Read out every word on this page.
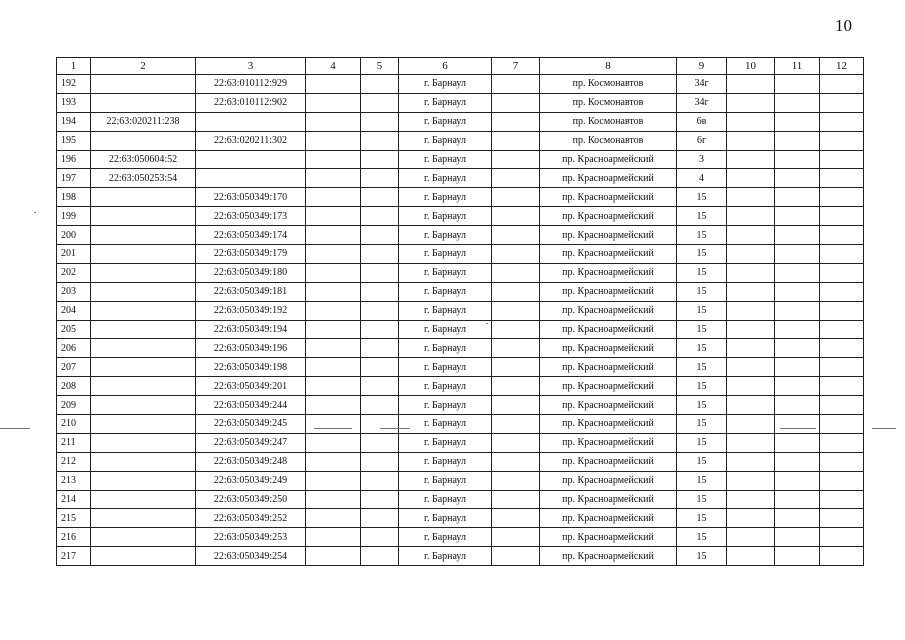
10
1	2	3	4	5	6	7	8	9	10	11	12
192		22:63:010112:929			г. Барнаул		пр. Космонавтов	34г			
193		22:63:010112:902			г. Барнаул		пр. Космонавтов	34г			
194	22:63:020211:238				г. Барнаул		пр. Космонавтов	6в			
195		22:63:020211:302			г. Барнаул		пр. Космонавтов	6г			
196	22:63:050604:52				г. Барнаул		пр. Красноармейский	3			
197	22:63:050253:54				г. Барнаул		пр. Красноармейский	4			
198		22:63:050349:170			г. Барнаул		пр. Красноармейский	15			
199		22:63:050349:173			г. Барнаул		пр. Красноармейский	15			
200		22:63:050349:174			г. Барнаул		пр. Красноармейский	15			
201		22:63:050349:179			г. Барнаул		пр. Красноармейский	15			
202		22:63:050349:180			г. Барнаул		пр. Красноармейский	15			
203		22:63:050349:181			г. Барнаул		пр. Красноармейский	15			
204		22:63:050349:192			г. Барнаул		пр. Красноармейский	15			
205		22:63:050349:194			г. Барнаул		пр. Красноармейский	15			
206		22:63:050349:196			г. Барнаул		пр. Красноармейский	15			
207		22:63:050349:198			г. Барнаул		пр. Красноармейский	15			
208		22:63:050349:201			г. Барнаул		пр. Красноармейский	15			
209		22:63:050349:244			г. Барнаул		пр. Красноармейский	15			
210		22:63:050349:245			г. Барнаул		пр. Красноармейский	15			
211		22:63:050349:247			г. Барнаул		пр. Красноармейский	15			
212		22:63:050349:248			г. Барнаул		пр. Красноармейский	15			
213		22:63:050349:249			г. Барнаул		пр. Красноармейский	15			
214		22:63:050349:250			г. Барнаул		пр. Красноармейский	15			
215		22:63:050349:252			г. Барнаул		пр. Красноармейский	15			
216		22:63:050349:253			г. Барнаул		пр. Красноармейский	15			
217		22:63:050349:254			г. Барнаул		пр. Красноармейский	15			
